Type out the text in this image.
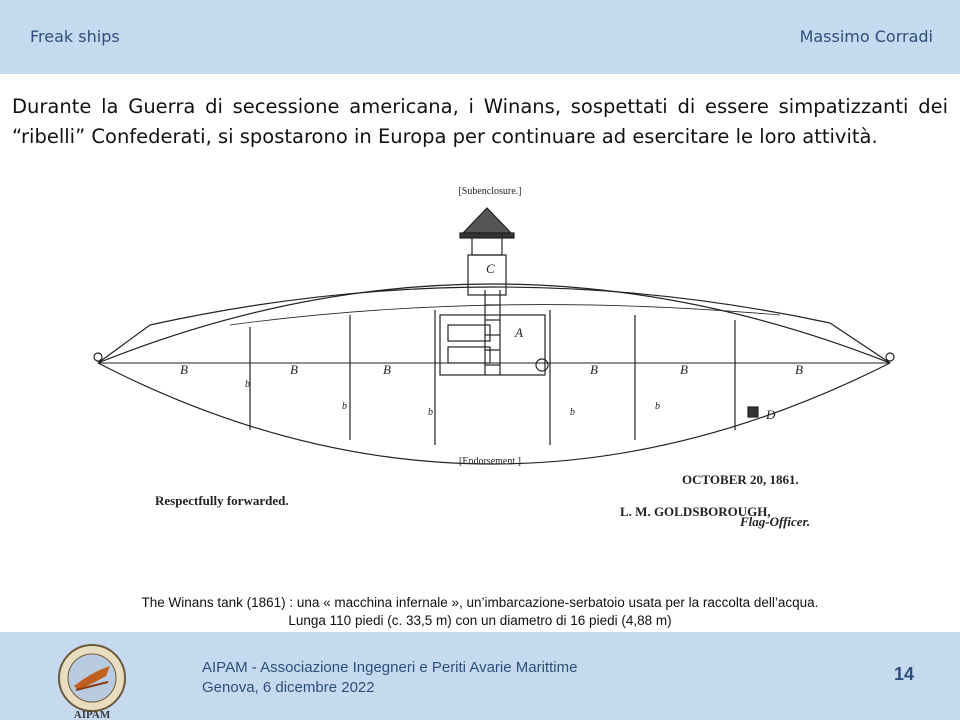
Freak ships	Massimo Corradi
Durante la Guerra di secessione americana, i Winans, sospettati di essere simpatizzanti dei “ribelli” Confederati, si spostarono in Europa per continuare ad esercitare le loro attività.
B	B	B	B	B	B
A
C
D
b
b
b	b
b
[Subenclosure.]
[Endorsement.]
OCTOBER 20, 1861.
Respectfully forwarded.
L. M. GOLDSBOROUGH,
Flag-Officer.
The Winans tank (1861) : una « macchina infernale », un’imbarcazione-serbatoio usata per la raccolta dell’acqua.
Lunga 110 piedi (c. 33,5 m) con un diametro di 16 piedi (4,88 m)
AIPAM
AIPAM - Associazione Ingegneri e Periti Avarie Marittime
Genova, 6 dicembre 2022
14
